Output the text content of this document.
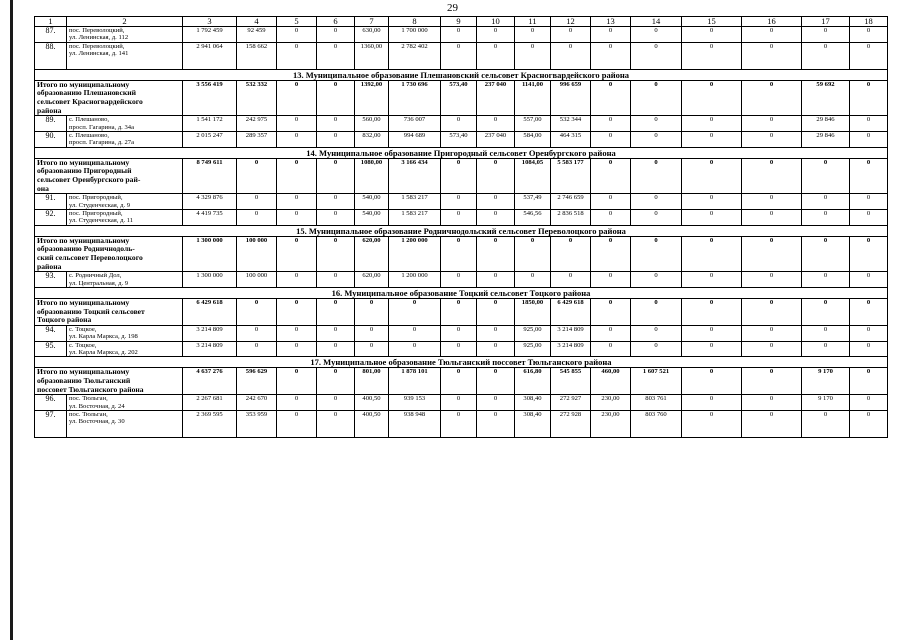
29
1	2	3	4	5	6	7	8	9	10	11	12	13	14	15	16	17	18
87.	пос. Переволоцкий,
ул. Ленинская, д. 112	1 792 459	92 459	0	0	630,00	1 700 000	0	0	0	0	0	0	0	0	0	0
88.	пос. Переволоцкий,
ул. Ленинская, д. 141	2 941 064	158 662	0	0	1360,00	2 782 402	0	0	0	0	0	0	0	0	0	0
13. Муниципальное образование Плешановский сельсовет Красногвардейского района																	
Итого по муниципальному
образованию Плешановский
сельсовет Красногвардейского
района		3 556 419	532 332	0	0	1392,00	1 730 696	573,40	237 040	1141,00	996 659	0	0	0	0	59 692	0
89.	с. Плешаново,
просп. Гагарина, д. 34а	1 541 172	242 975	0	0	560,00	736 007	0	0	557,00	532 344	0	0	0	0	29 846	0
90.	с. Плешаново,
просп. Гагарина, д. 27а	2 015 247	289 357	0	0	832,00	994 689	573,40	237 040	584,00	464 315	0	0	0	0	29 846	0
14. Муниципальное образование Пригородный сельсовет Оренбургского района																	
Итого по муниципальному
образованию Пригородный
сельсовет Оренбургского рай-
она		8 749 611	0	0	0	1080,00	3 166 434	0	0	1084,05	5 583 177	0	0	0	0	0	0
91.	пос. Пригородный,
ул. Студенческая, д. 9	4 329 876	0	0	0	540,00	1 583 217	0	0	537,49	2 746 659	0	0	0	0	0	0
92.	пос. Пригородный,
ул. Студенческая, д. 11	4 419 735	0	0	0	540,00	1 583 217	0	0	546,56	2 836 518	0	0	0	0	0	0
15. Муниципальное образование Родничнодольский сельсовет Переволоцкого района																	
Итого по муниципальному
образованию Родничнодоль-
ский сельсовет Переволоцкого
района		1 300 000	100 000	0	0	620,00	1 200 000	0	0	0	0	0	0	0	0	0	0
93.	с. Родничный Дол,
ул. Центральная, д. 9	1 300 000	100 000	0	0	620,00	1 200 000	0	0	0	0	0	0	0	0	0	0
16. Муниципальное образование Тоцкий сельсовет Тоцкого района																	
Итого по муниципальному
образованию Тоцкий сельсовет
Тоцкого района		6 429 618	0	0	0	0	0	0	0	1850,00	6 429 618	0	0	0	0	0	0
94.	с. Тоцкое,
ул. Карла Маркса, д. 198	3 214 809	0	0	0	0	0	0	0	925,00	3 214 809	0	0	0	0	0	0
95.	с. Тоцкое,
ул. Карла Маркса, д. 202	3 214 809	0	0	0	0	0	0	0	925,00	3 214 809	0	0	0	0	0	0
17. Муниципальное образование Тюльганский поссовет Тюльганского района																	
Итого по муниципальному
образованию Тюльганский
поссовет Тюльганского района		4 637 276	596 629	0	0	801,00	1 878 101	0	0	616,80	545 855	460,00	1 607 521	0	0	9 170	0
96.	пос. Тюльган,
ул. Восточная, д. 24	2 267 681	242 670	0	0	400,50	939 153	0	0	308,40	272 927	230,00	803 761	0	0	9 170	0
97.	пос. Тюльган,
ул. Восточная, д. 30	2 369 595	353 959	0	0	400,50	938 948	0	0	308,40	272 928	230,00	803 760	0	0	0	0
